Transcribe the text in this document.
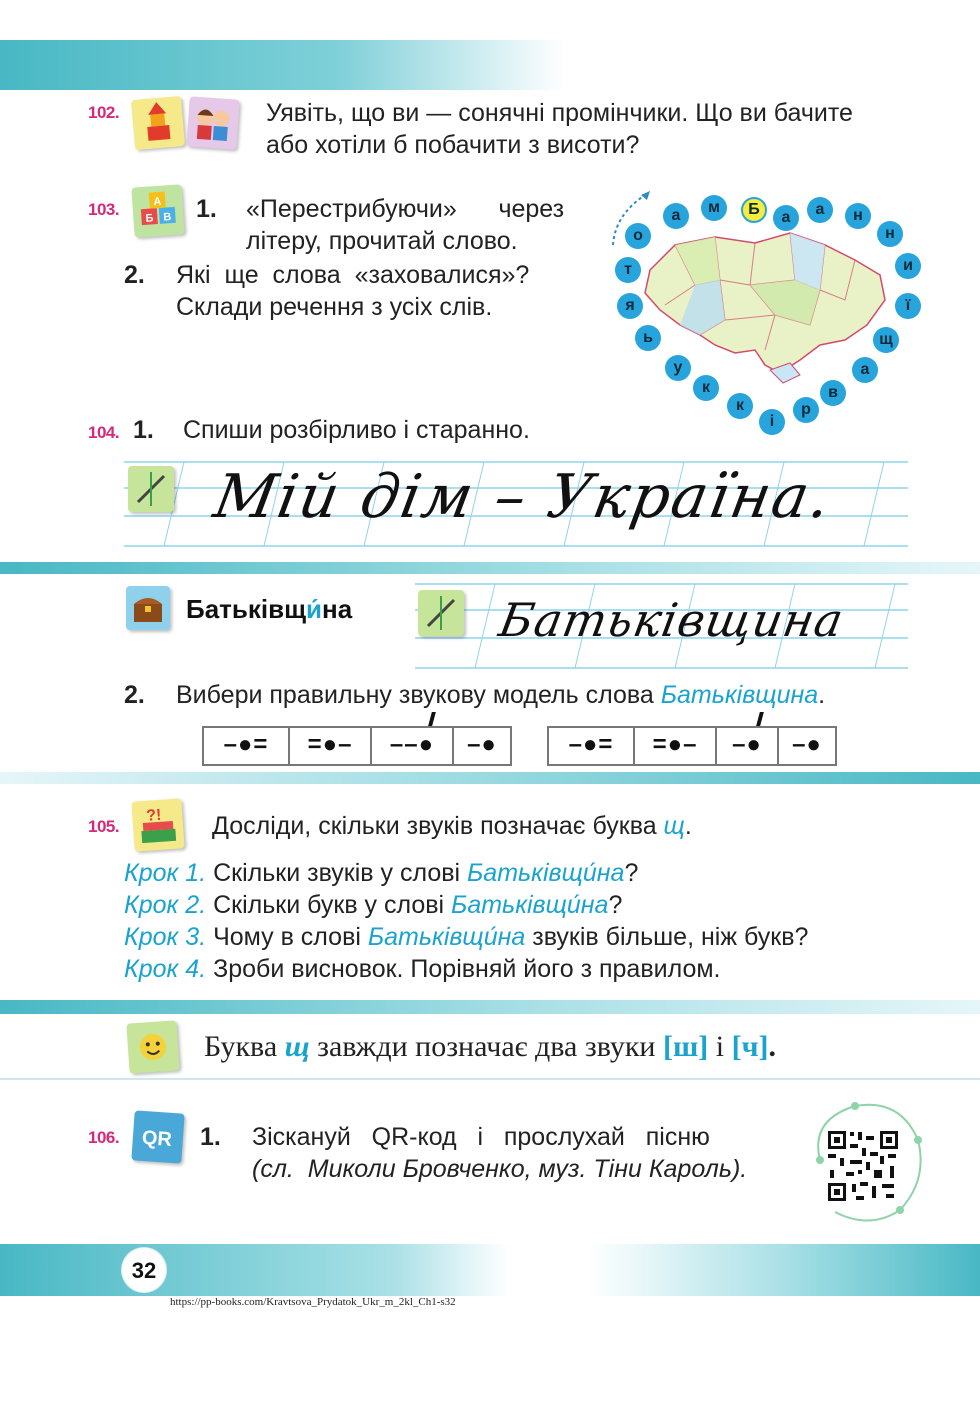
102.	Уявіть, що ви — сонячні промінчики. Що ви бачите
або хотіли б побачити з висоти?
103. Б В
А 1. «Перестрибуючи»      через
літеру, прочитай слово.
2. Які  ще  слова  «заховалися»?
Склади речення з усіх слів.
Б	а	а	н
н
и
ї
щ
а
в
р
і
к
к
у
ь
я
т
о
а	м
104. 1. Спиши розбірливо і старанно.
Мій дім – Україна.
Батьківщи́на	Батьківщина
2. Вибери правильну звукову модель слова Батьківщина.
–●=	=●–	––●	–●	–●=	=●–	–●	–●
105.
?! Досліди, скільки звуків позначає буква щ.
Крок 1. Скільки звуків у слові Батьківщи́на?
Крок 2. Скільки букв у слові Батьківщи́на?
Крок 3. Чому в слові Батьківщи́на звуків більше, ніж букв?
Крок 4. Зроби висновок. Порівняй його з правилом.
Буква щ завжди позначає два звуки [ш] і [ч].
106. QR 1. Зіскануй   QR-код   і   прослухай   пісню
(сл.  Миколи Бровченко, муз. Тіни Кароль).
32
https://pp-books.com/Kravtsova_Prydatok_Ukr_m_2kl_Ch1-s32
